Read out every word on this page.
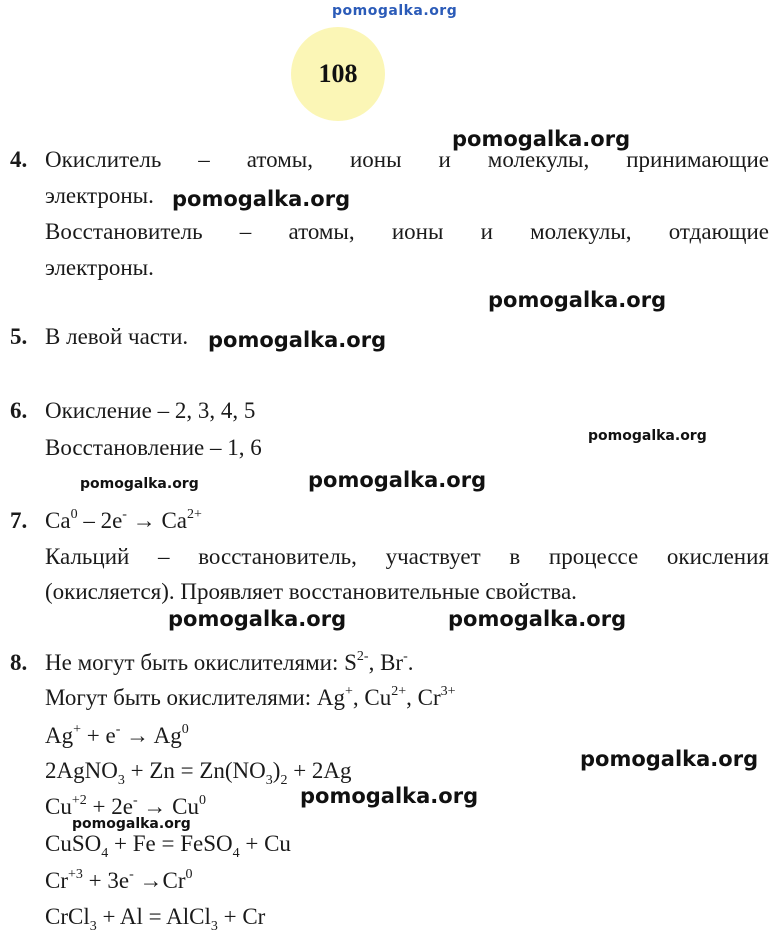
pomogalka.org
108
4. Окислитель – атомы, ионы и молекулы, принимающие
электроны.
Восстановитель – атомы, ионы и молекулы, отдающие
электроны.
5. В левой части.
6. Окисление – 2, 3, 4, 5
Восстановление – 1, 6
7. $Ca^0 - 2e^- \to Ca^{2+}$
Кальций – восстановитель, участвует в процессе окисления
(окисляется). Проявляет восстановительные свойства.
8. Не могут быть окислителями: $S^{2-}$, Br-.
Могут быть окислителями: Ag+, $Cu^{2+}$, $Cr^{3+}$
$Ag^+ + e^- \to Ag^0$
2AgNO$_3$ + $Zn = Zn(NO_3)_2 + 2Ag$
$Cu^{+2} + 2e^- \to Cu^0$
CuSO$_4$ + Fe = FeSO$_4$ + Cu
$Cr^{+3} + 3e^- \to Cr^0$
CrCl$_3$ + Al = AlCl$_3$ + Cr
pomogalka.org
pomogalka.org
pomogalka.org
pomogalka.org
pomogalka.org
pomogalka.org	pomogalka.org
pomogalka.org	pomogalka.org
pomogalka.org
pomogalka.org
pomogalka.org
